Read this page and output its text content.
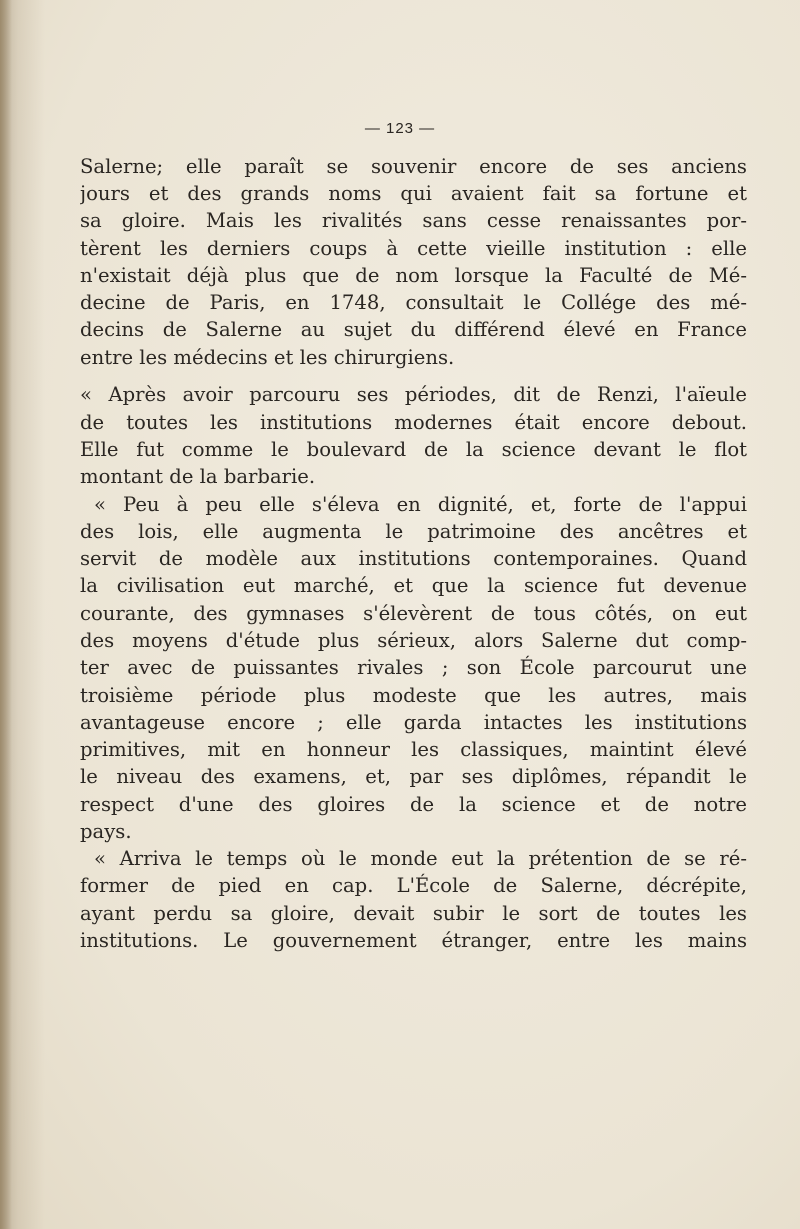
— 123 —
Salerne; elle paraît se souvenir encore de ses anciens
jours et des grands noms qui avaient fait sa fortune et
sa gloire. Mais les rivalités sans cesse renaissantes por-
tèrent les derniers coups à cette vieille institution : elle
n'existait déjà plus que de nom lorsque la Faculté de Mé-
decine de Paris, en 1748, consultait le Collége des mé-
decins de Salerne au sujet du différend élevé en France
entre les médecins et les chirurgiens.
« Après avoir parcouru ses périodes, dit de Renzi, l'aïeule
de toutes les institutions modernes était encore debout.
Elle fut comme le boulevard de la science devant le flot
montant de la barbarie.
« Peu à peu elle s'éleva en dignité, et, forte de l'appui
des lois, elle augmenta le patrimoine des ancêtres et
servit de modèle aux institutions contemporaines. Quand
la civilisation eut marché, et que la science fut devenue
courante, des gymnases s'élevèrent de tous côtés, on eut
des moyens d'étude plus sérieux, alors Salerne dut comp-
ter avec de puissantes rivales ; son École parcourut une
troisième période plus modeste que les autres, mais
avantageuse encore ; elle garda intactes les institutions
primitives, mit en honneur les classiques, maintint élevé
le niveau des examens, et, par ses diplômes, répandit le
respect d'une des gloires de la science et de notre
pays.
« Arriva le temps où le monde eut la prétention de se ré-
former de pied en cap. L'École de Salerne, décrépite,
ayant perdu sa gloire, devait subir le sort de toutes les
institutions. Le gouvernement étranger, entre les mains
